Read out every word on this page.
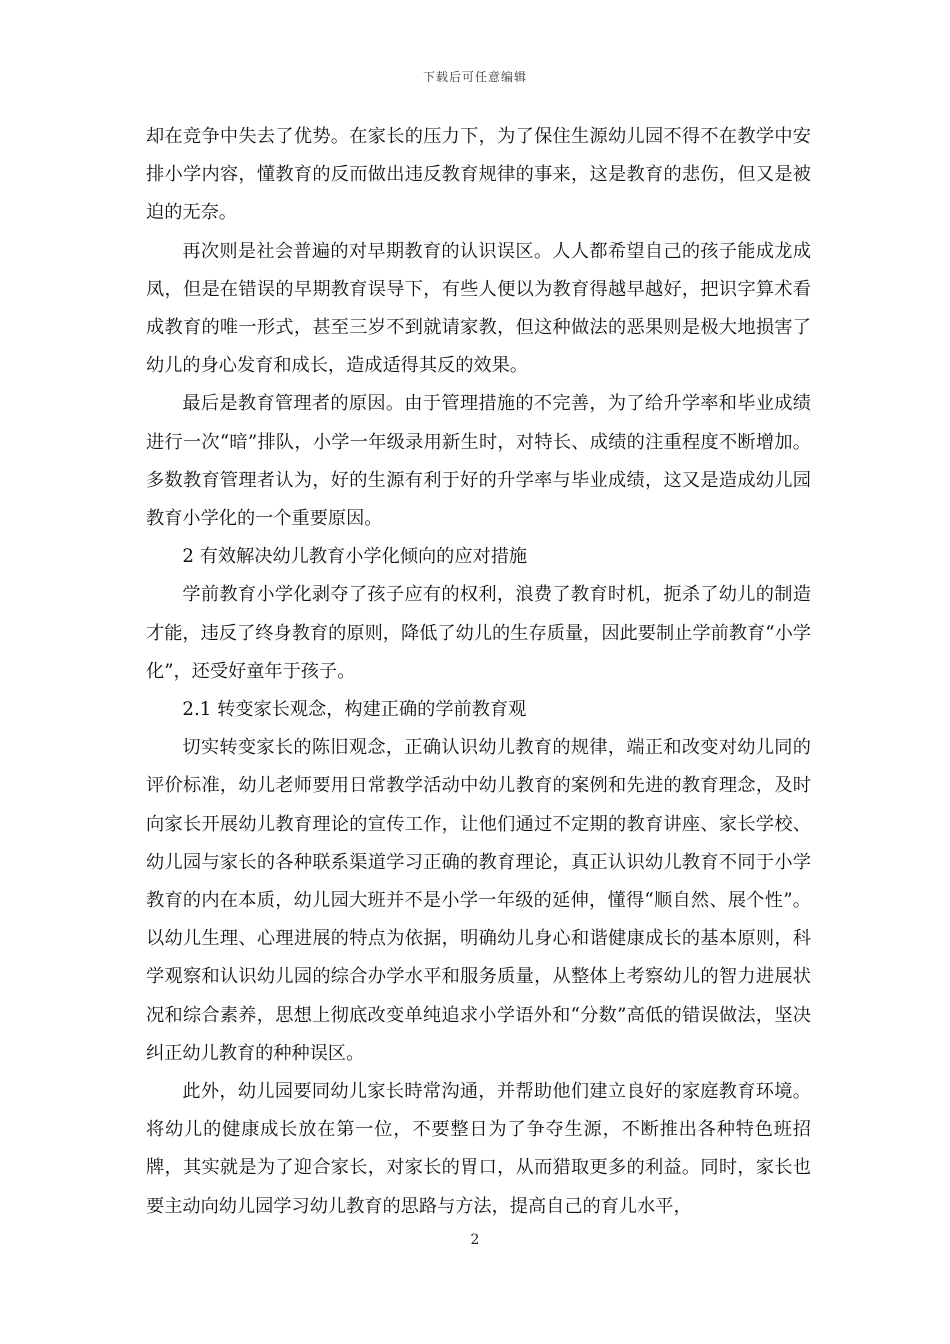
下载后可任意编辑

却在竞争中失去了优势。在家长的压力下，为了保住生源幼儿园不得不在教学中安排小学内容，懂教育的反而做出违反教育规律的事来，这是教育的悲伤，但又是被迫的无奈。

再次则是社会普遍的对早期教育的认识误区。人人都希望自己的孩子能成龙成凤，但是在错误的早期教育误导下，有些人便以为教育得越早越好，把识字算术看成教育的唯一形式，甚至三岁不到就请家教，但这种做法的恶果则是极大地损害了幼儿的身心发育和成长，造成适得其反的效果。

最后是教育管理者的原因。由于管理措施的不完善，为了给升学率和毕业成绩进行一次“暗”排队，小学一年级录用新生时，对特长、成绩的注重程度不断增加。多数教育管理者认为，好的生源有利于好的升学率与毕业成绩，这又是造成幼儿园教育小学化的一个重要原因。

2 有效解决幼儿教育小学化倾向的应对措施

学前教育小学化剥夺了孩子应有的权利，浪费了教育时机，扼杀了幼儿的制造才能，违反了终身教育的原则，降低了幼儿的生存质量，因此要制止学前教育“小学化”，还受好童年于孩子。

2.1 转变家长观念，构建正确的学前教育观

切实转变家长的陈旧观念，正确认识幼儿教育的规律，端正和改变对幼儿同的评价标准，幼儿老师要用日常教学活动中幼儿教育的案例和先进的教育理念，及时向家长开展幼儿教育理论的宣传工作，让他们通过不定期的教育讲座、家长学校、幼儿园与家长的各种联系渠道学习正确的教育理论，真正认识幼儿教育不同于小学教育的内在本质，幼儿园大班并不是小学一年级的延伸，懂得“顺自然、展个性”。以幼儿生理、心理进展的特点为依据，明确幼儿身心和谐健康成长的基本原则，科学观察和认识幼儿园的综合办学水平和服务质量，从整体上考察幼儿的智力进展状况和综合素养，思想上彻底改变单纯追求小学语外和“分数”高低的错误做法，坚决纠正幼儿教育的种种误区。

此外，幼儿园要同幼儿家长時常沟通，并帮助他们建立良好的家庭教育环境。将幼儿的健康成长放在第一位，不要整日为了争夺生源，不断推出各种特色班招牌，其实就是为了迎合家长，对家长的胃口，从而猎取更多的利益。同时，家长也要主动向幼儿园学习幼儿教育的思路与方法，提高自己的育儿水平，

2
